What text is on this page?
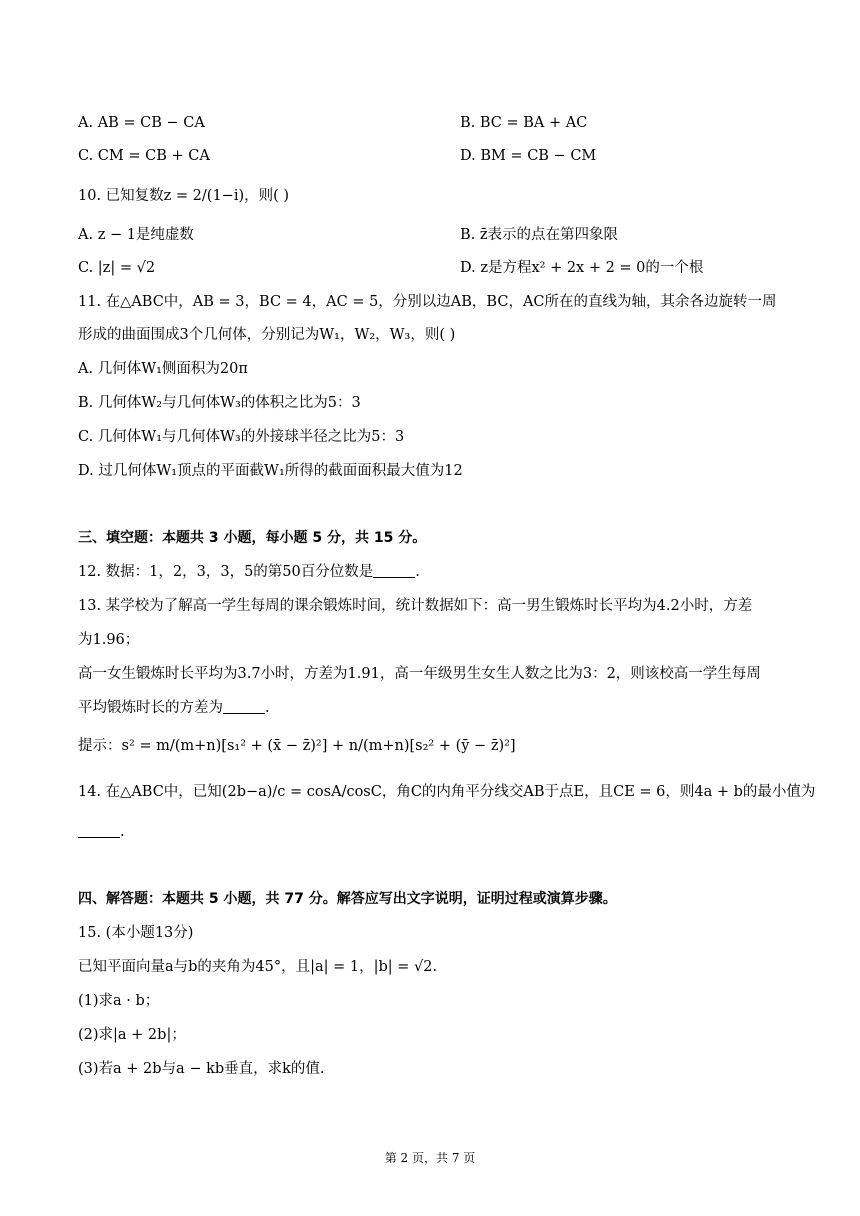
A. AB = CB − CA	B. BC = BA + AC
C. CM = CB + CA	D. BM = CB − CM
10. 已知复数z = 2/(1−i)，则( )
A. z − 1是纯虚数	B. z̄表示的点在第四象限
C. |z| = √2	D. z是方程x² + 2x + 2 = 0的一个根
11. 在△ABC中，AB = 3，BC = 4，AC = 5，分别以边AB，BC，AC所在的直线为轴，其余各边旋转一周
形成的曲面围成3个几何体，分别记为W₁，W₂，W₃，则( )
A. 几何体W₁侧面积为20π
B. 几何体W₂与几何体W₃的体积之比为5：3
C. 几何体W₁与几何体W₃的外接球半径之比为5：3
D. 过几何体W₁顶点的平面截W₁所得的截面面积最大值为12
三、填空题：本题共 3 小题，每小题 5 分，共 15 分。
12. 数据：1，2，3，3，5的第50百分位数是	.
13. 某学校为了解高一学生每周的课余锻炼时间，统计数据如下：高一男生锻炼时长平均为4.2小时，方差
为1.96；
高一女生锻炼时长平均为3.7小时，方差为1.91，高一年级男生女生人数之比为3：2，则该校高一学生每周
平均锻炼时长的方差为	.
提示：s² = m/(m+n)[s₁² + (x̄ − z̄)²] + n/(m+n)[s₂² + (ȳ − z̄)²]
14. 在△ABC中，已知(2b−a)/c = cosA/cosC，角C的内角平分线交AB于点E，且CE = 6，则4a + b的最小值为
.
四、解答题：本题共 5 小题，共 77 分。解答应写出文字说明，证明过程或演算步骤。
15. (本小题13分)
已知平面向量a与b的夹角为45°，且|a| = 1，|b| = √2.
(1)求a · b；
(2)求|a + 2b|；
(3)若a + 2b与a − kb垂直，求k的值.
第 2 页，共 7 页
